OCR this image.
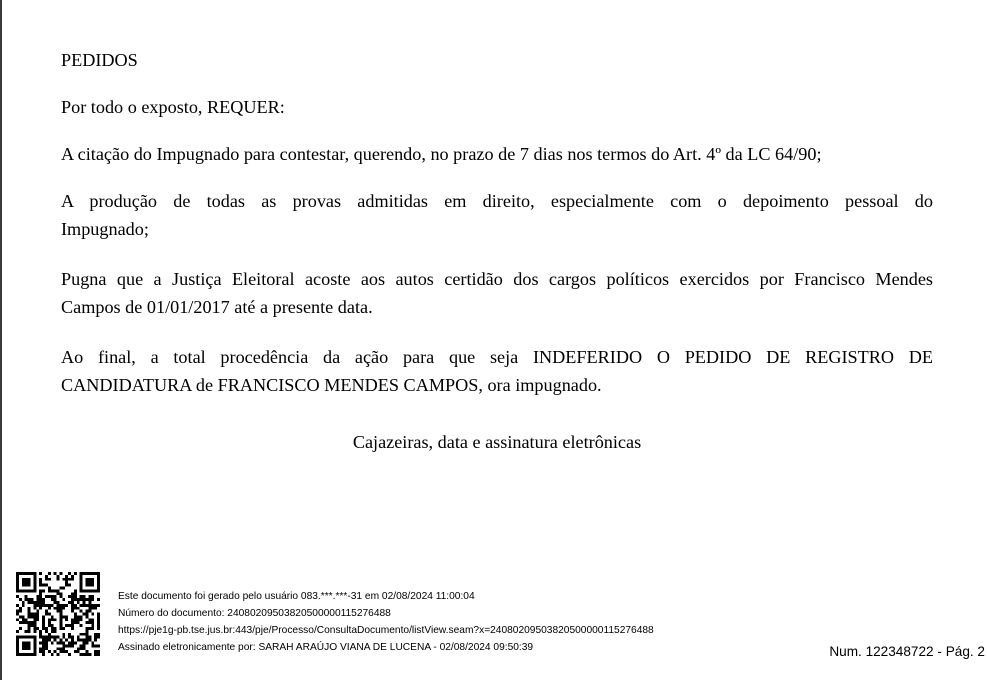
PEDIDOS

Por todo o exposto, REQUER:

A citação do Impugnado para contestar, querendo, no prazo de 7 dias nos termos do Art. 4º da LC 64/90;

A produção de todas as provas admitidas em direito, especialmente com o depoimento pessoal do
Impugnado;

Pugna que a Justiça Eleitoral acoste aos autos certidão dos cargos políticos exercidos por Francisco Mendes
Campos de 01/01/2017 até a presente data.

Ao final, a total procedência da ação para que seja INDEFERIDO O PEDIDO DE REGISTRO DE
CANDIDATURA de FRANCISCO MENDES CAMPOS, ora impugnado.

Cajazeiras, data e assinatura eletrônicas
Este documento foi gerado pelo usuário 083.***.***-31 em 02/08/2024 11:00:04
Número do documento: 24080209503820500000115276488
https://pje1g-pb.tse.jus.br:443/pje/Processo/ConsultaDocumento/listView.seam?x=24080209503820500000115276488
Assinado eletronicamente por: SARAH ARAÚJO VIANA DE LUCENA - 02/08/2024 09:50:39	Num. 122348722 - Pág. 2
